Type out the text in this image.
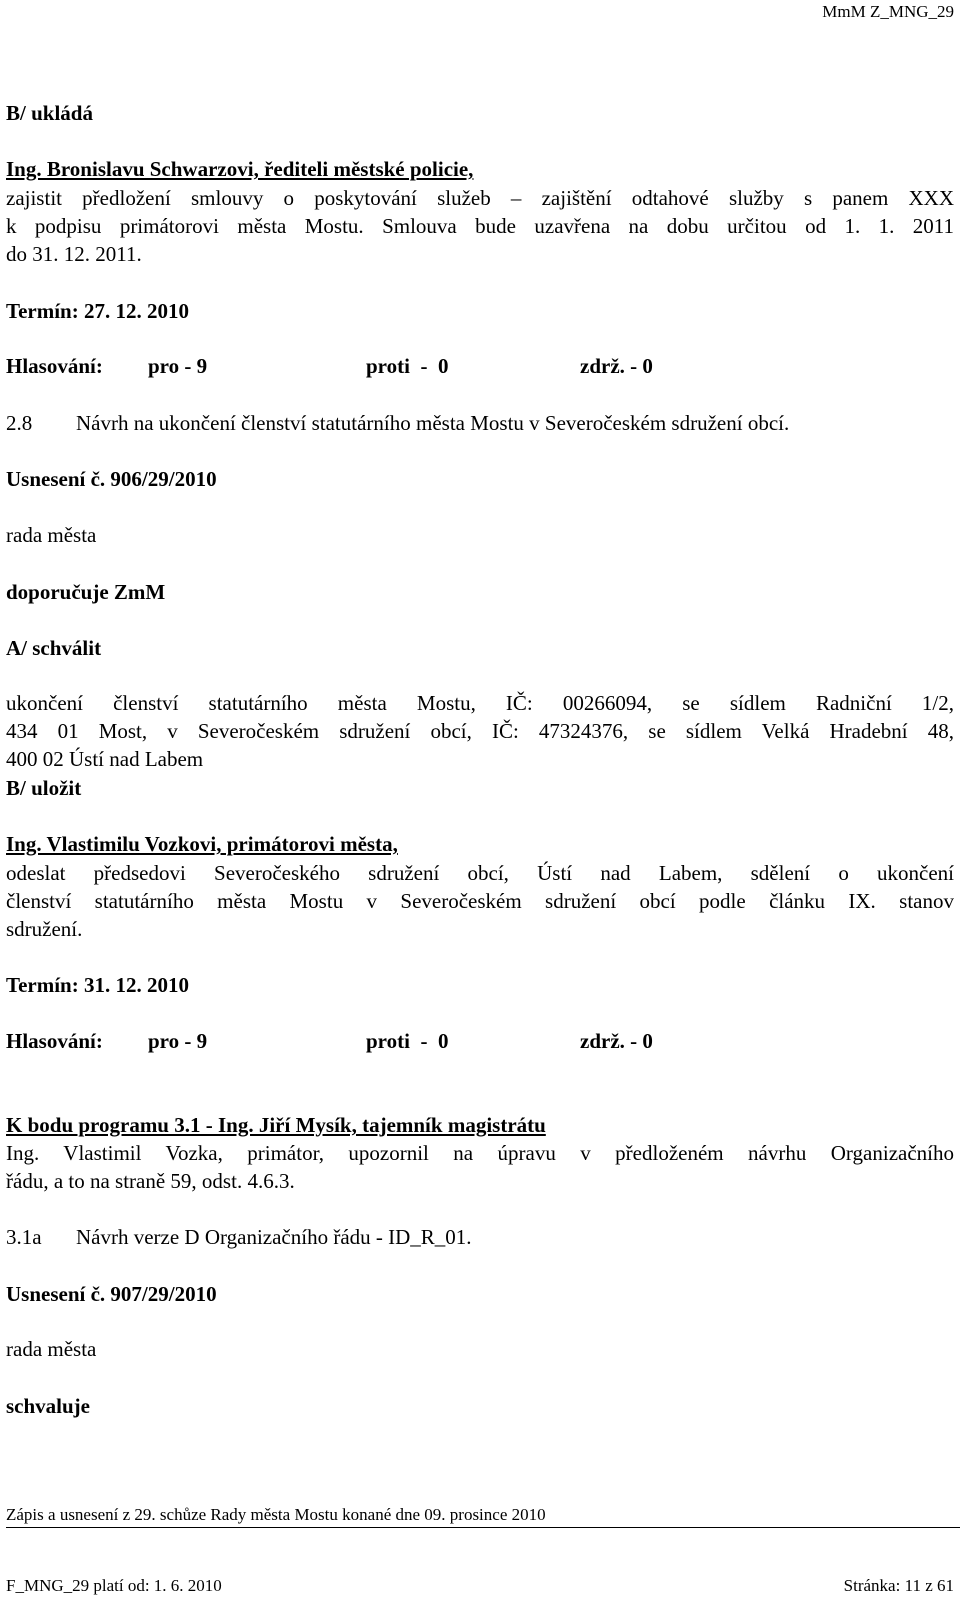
MmM Z_MNG_29
B/ ukládá
Ing. Bronislavu Schwarzovi, řediteli městské policie,
zajistit předložení smlouvy o poskytování služeb – zajištění odtahové služby s panem XXX
k podpisu primátorovi města Mostu. Smlouva bude uzavřena na dobu určitou od 1. 1. 2011
do 31. 12. 2011.
Termín: 27. 12. 2010
Hlasování: pro - 9	proti  -  0	zdrž. - 0
2.8 Návrh na ukončení členství statutárního města Mostu v Severočeském sdružení obcí.
Usnesení č. 906/29/2010
rada města
doporučuje ZmM
A/ schválit
ukončení členství statutárního města Mostu, IČ: 00266094, se sídlem Radniční 1/2,
434 01 Most, v Severočeském sdružení obcí, IČ: 47324376, se sídlem Velká Hradební 48,
400 02 Ústí nad Labem
B/ uložit
Ing. Vlastimilu Vozkovi, primátorovi města,
odeslat předsedovi Severočeského sdružení obcí, Ústí nad Labem, sdělení o ukončení
členství statutárního města Mostu v Severočeském sdružení obcí podle článku IX. stanov
sdružení.
Termín: 31. 12. 2010
Hlasování: pro - 9	proti  -  0	zdrž. - 0
K bodu programu 3.1 - Ing. Jiří Mysík, tajemník magistrátu
Ing. Vlastimil Vozka, primátor, upozornil na úpravu v předloženém návrhu Organizačního
řádu, a to na straně 59, odst. 4.6.3.
3.1a Návrh verze D Organizačního řádu - ID_R_01.
Usnesení č. 907/29/2010
rada města
schvaluje
Zápis a usnesení z 29. schůze Rady města Mostu konané dne 09. prosince 2010
F_MNG_29 platí od: 1. 6. 2010	Stránka: 11 z 61
